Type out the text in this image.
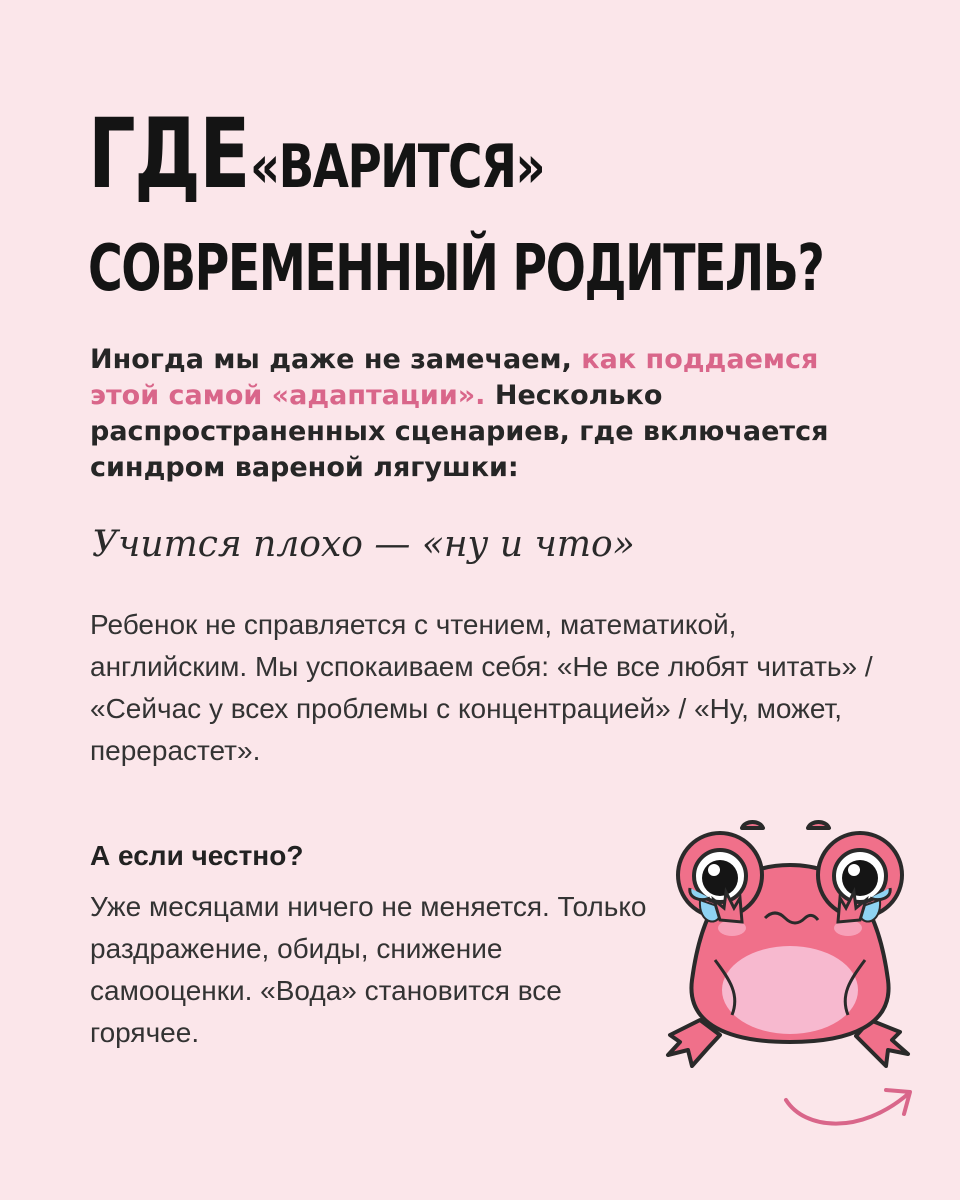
ГДЕ «ВАРИТСЯ»
СОВРЕМЕННЫЙ РОДИТЕЛЬ?
Иногда мы даже не замечаем, как поддаемся этой самой «адаптации». Несколько распространенных сценариев, где включается синдром вареной лягушки:
Учится плохо — «ну и что»
Ребенок не справляется с чтением, математикой, английским. Мы успокаиваем себя: «Не все любят читать» / «Сейчас у всех проблемы с концентрацией» / «Ну, может, перерастет».
А если честно?
Уже месяцами ничего не меняется. Только раздражение, обиды, снижение самооценки. «Вода» становится все горячее.
